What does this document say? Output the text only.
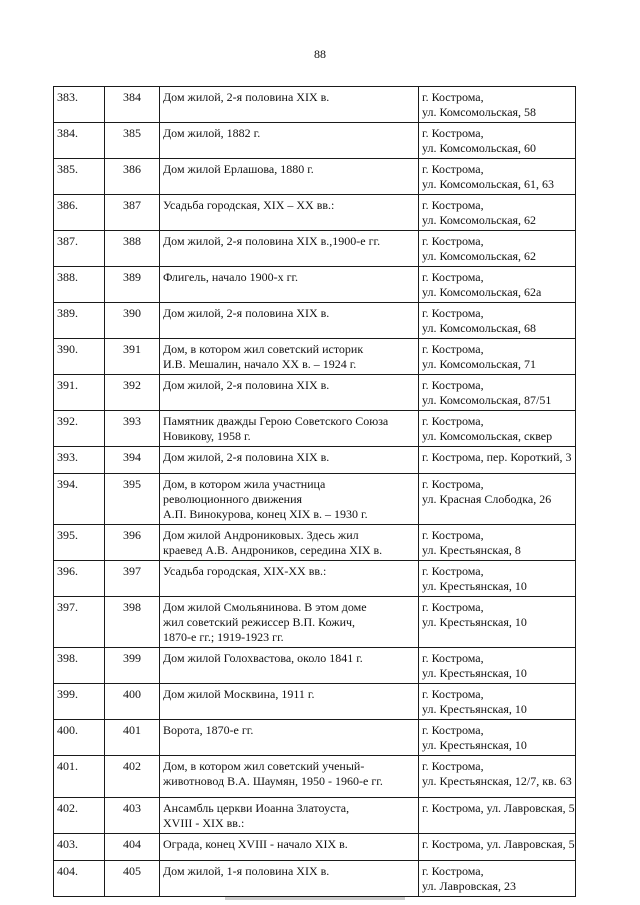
88
383.	384	Дом жилой, 2-я половина XIX в.	г. Кострома,
ул. Комсомольская, 58

384.	385	Дом жилой, 1882 г.	г. Кострома,
ул. Комсомольская, 60

385.	386	Дом жилой Ерлашова, 1880 г.	г. Кострома,
ул. Комсомольская, 61, 63

386.	387	Усадьба городская, XIX – XX вв.:	г. Кострома,
ул. Комсомольская, 62

387.	388	Дом жилой, 2-я половина XIX в.,1900-е гг.	г. Кострома,
ул. Комсомольская, 62

388.	389	Флигель, начало 1900-х гг.	г. Кострома,
ул. Комсомольская, 62а

389.	390	Дом жилой, 2-я половина XIX в.	г. Кострома,
ул. Комсомольская, 68

390.	391	Дом, в котором жил советский историк
И.В. Мешалин, начало XX в. – 1924 г.	г. Кострома,
ул. Комсомольская, 71

391.	392	Дом жилой, 2-я половина XIX в.	г. Кострома,
ул. Комсомольская, 87/51

392.	393	Памятник дважды Герою Советского Союза
Новикову, 1958 г.	г. Кострома,
ул. Комсомольская, сквер

393.	394	Дом жилой, 2-я половина XIX в.	г. Кострома, пер. Короткий, 3

394.	395	Дом, в котором жила участница
революционного движения
А.П. Винокурова, конец XIX в. – 1930 г.	г. Кострома,
ул. Красная Слободка, 26

395.	396	Дом жилой Андрониковых. Здесь жил
краевед А.В. Андроников, середина XIX в.	г. Кострома,
ул. Крестьянская, 8

396.	397	Усадьба городская, XIX-XX вв.:	г. Кострома,
ул. Крестьянская, 10

397.	398	Дом жилой Смольянинова. В этом доме
жил советский режиссер В.П. Кожич,
1870-е гг.; 1919-1923 гг.	г. Кострома,
ул. Крестьянская, 10

398.	399	Дом жилой Голохвастова, около 1841 г.	г. Кострома,
ул. Крестьянская, 10

399.	400	Дом жилой Москвина, 1911 г.	г. Кострома,
ул. Крестьянская, 10

400.	401	Ворота, 1870-е гг.	г. Кострома,
ул. Крестьянская, 10

401.	402	Дом, в котором жил советский ученый-
животновод В.А. Шаумян, 1950 - 1960-е гг.	г. Кострома,
ул. Крестьянская, 12/7, кв. 63

402.	403	Ансамбль церкви Иоанна Златоуста,
XVIII - XIX вв.:	г. Кострома, ул. Лавровская, 5

403.	404	Ограда, конец XVIII - начало XIX в.	г. Кострома, ул. Лавровская, 5

404.	405	Дом жилой, 1-я половина XIX в.	г. Кострома,
ул. Лавровская, 23
